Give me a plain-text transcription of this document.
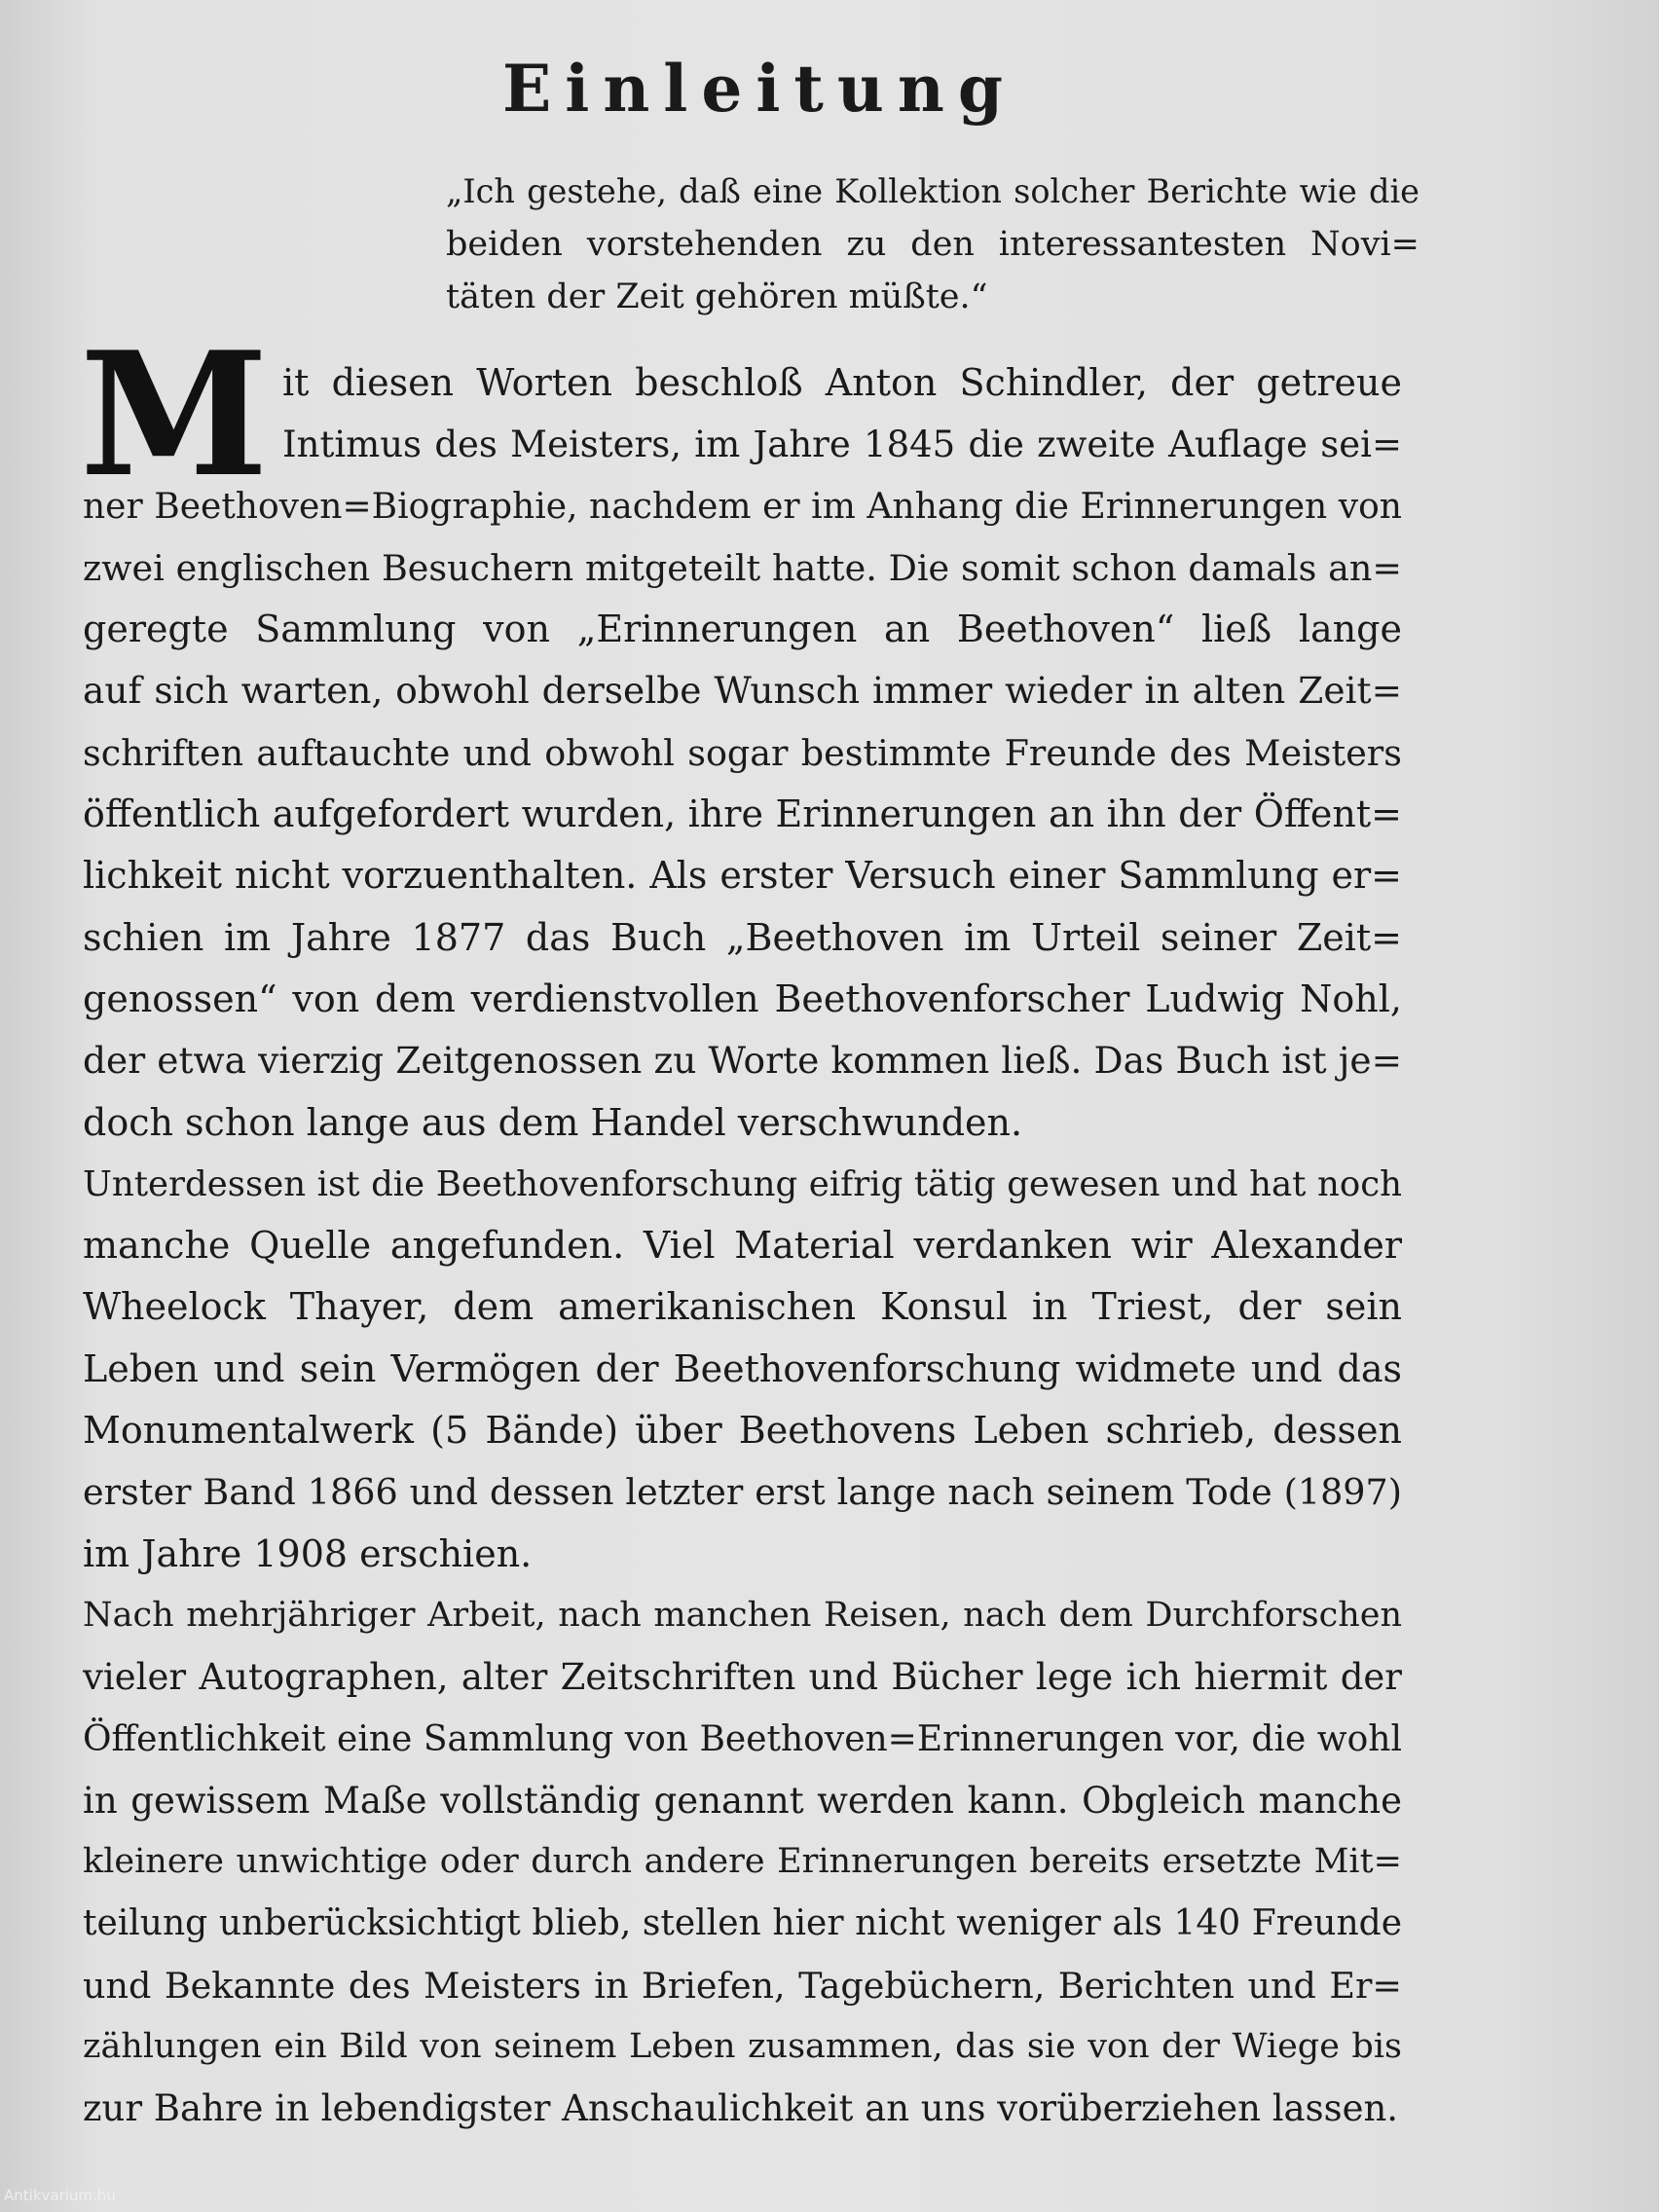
Einleitung
„Ich gestehe, daß eine Kollektion solcher Berichte wie die
beiden vorstehenden zu den interessantesten Novi=
täten der Zeit gehören müßte.“
M it diesen Worten beschloß Anton Schindler, der getreue
Intimus des Meisters, im Jahre 1845 die zweite Auflage sei=
ner Beethoven=Biographie, nachdem er im Anhang die Erinnerungen von
zwei englischen Besuchern mitgeteilt hatte. Die somit schon damals an=
geregte Sammlung von „Erinnerungen an Beethoven“ ließ lange
auf sich warten, obwohl derselbe Wunsch immer wieder in alten Zeit=
schriften auftauchte und obwohl sogar bestimmte Freunde des Meisters
öffentlich aufgefordert wurden, ihre Erinnerungen an ihn der Öffent=
lichkeit nicht vorzuenthalten. Als erster Versuch einer Sammlung er=
schien im Jahre 1877 das Buch „Beethoven im Urteil seiner Zeit=
genossen“ von dem verdienstvollen Beethovenforscher Ludwig Nohl,
der etwa vierzig Zeitgenossen zu Worte kommen ließ. Das Buch ist je=
doch schon lange aus dem Handel verschwunden.
Unterdessen ist die Beethovenforschung eifrig tätig gewesen und hat noch
manche Quelle angefunden. Viel Material verdanken wir Alexander
Wheelock Thayer, dem amerikanischen Konsul in Triest, der sein
Leben und sein Vermögen der Beethovenforschung widmete und das
Monumentalwerk (5 Bände) über Beethovens Leben schrieb, dessen
erster Band 1866 und dessen letzter erst lange nach seinem Tode (1897)
im Jahre 1908 erschien.
Nach mehrjähriger Arbeit, nach manchen Reisen, nach dem Durchforschen
vieler Autographen, alter Zeitschriften und Bücher lege ich hiermit der
Öffentlichkeit eine Sammlung von Beethoven=Erinnerungen vor, die wohl
in gewissem Maße vollständig genannt werden kann. Obgleich manche
kleinere unwichtige oder durch andere Erinnerungen bereits ersetzte Mit=
teilung unberücksichtigt blieb, stellen hier nicht weniger als 140 Freunde
und Bekannte des Meisters in Briefen, Tagebüchern, Berichten und Er=
zählungen ein Bild von seinem Leben zusammen, das sie von der Wiege bis
zur Bahre in lebendigster Anschaulichkeit an uns vorüberziehen lassen.
Antikvarium.hu
